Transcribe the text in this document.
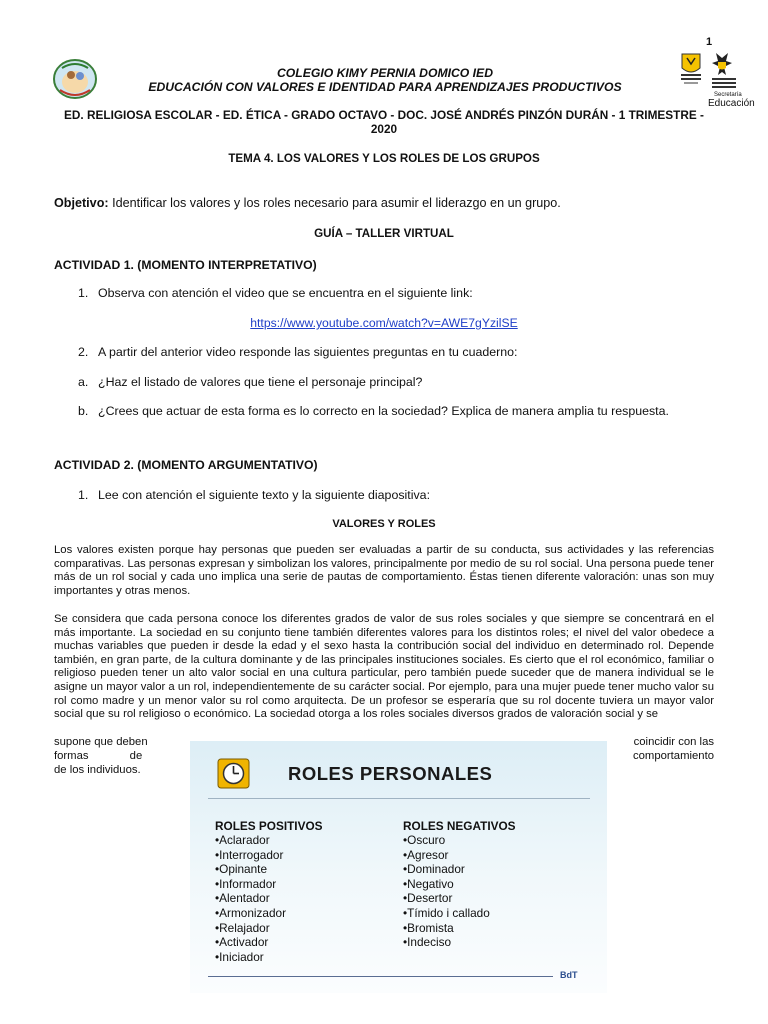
1
Secretaría
Educación
COLEGIO KIMY PERNIA DOMICO IED
EDUCACIÓN CON VALORES E IDENTIDAD PARA APRENDIZAJES PRODUCTIVOS
ED. RELIGIOSA ESCOLAR - ED. ÉTICA - GRADO OCTAVO - DOC. JOSÉ ANDRÉS PINZÓN DURÁN - 1 TRIMESTRE - 2020
TEMA 4. LOS VALORES Y LOS ROLES DE LOS GRUPOS
Objetivo: Identificar los valores y los roles necesario para asumir el liderazgo en un grupo.
GUÍA – TALLER VIRTUAL
ACTIVIDAD 1. (MOMENTO INTERPRETATIVO)
1. Observa con atención el video que se encuentra en el siguiente link:
https://www.youtube.com/watch?v=AWE7gYzilSE
2. A partir del anterior video responde las siguientes preguntas en tu cuaderno:
a. ¿Haz el listado de valores que tiene el personaje principal?
b. ¿Crees que actuar de esta forma es lo correcto en la sociedad? Explica de manera amplia tu respuesta.
ACTIVIDAD 2. (MOMENTO ARGUMENTATIVO)
1. Lee con atención el siguiente texto y la siguiente diapositiva:
VALORES Y ROLES
Los valores existen porque hay personas que pueden ser evaluadas a partir de su conducta, sus actividades y las referencias comparativas. Las personas expresan y simbolizan los valores, principalmente por medio de su rol social. Una persona puede tener más de un rol social y cada uno implica una serie de pautas de comportamiento. Éstas tienen diferente valoración: unas son muy importantes y otras menos.
Se considera que cada persona conoce los diferentes grados de valor de sus roles sociales y que siempre se concentrará en el más importante. La sociedad en su conjunto tiene también diferentes valores para los distintos roles; el nivel del valor obedece a muchas variables que pueden ir desde la edad y el sexo hasta la contribución social del individuo en determinado rol. Depende también, en gran parte, de la cultura dominante y de las principales instituciones sociales. Es cierto que el rol económico, familiar o religioso pueden tener un alto valor social en una cultura particular, pero también puede suceder que de manera individual se le asigne un mayor valor a un rol, independientemente de su carácter social. Por ejemplo, para una mujer puede tener mucho valor su rol como madre y un menor valor su rol como arquitecta. De un profesor se esperaría que su rol docente tuviera un mayor valor social que su rol religioso o económico. La sociedad otorga a los roles sociales diversos grados de valoración social y se
supone que deben	coincidir con las
formas de	comportamiento
de los individuos.	ROLES PERSONALES
ROLES POSITIVOS
• Aclarador
• Interrogador
• Opinante
• Informador
• Alentador
• Armonizador
• Relajador
• Activador
• Iniciador
ROLES NEGATIVOS
• Oscuro
• Agresor
• Dominador
• Negativo
• Desertor
• Tímido i callado
• Bromista
• Indeciso
BdT
